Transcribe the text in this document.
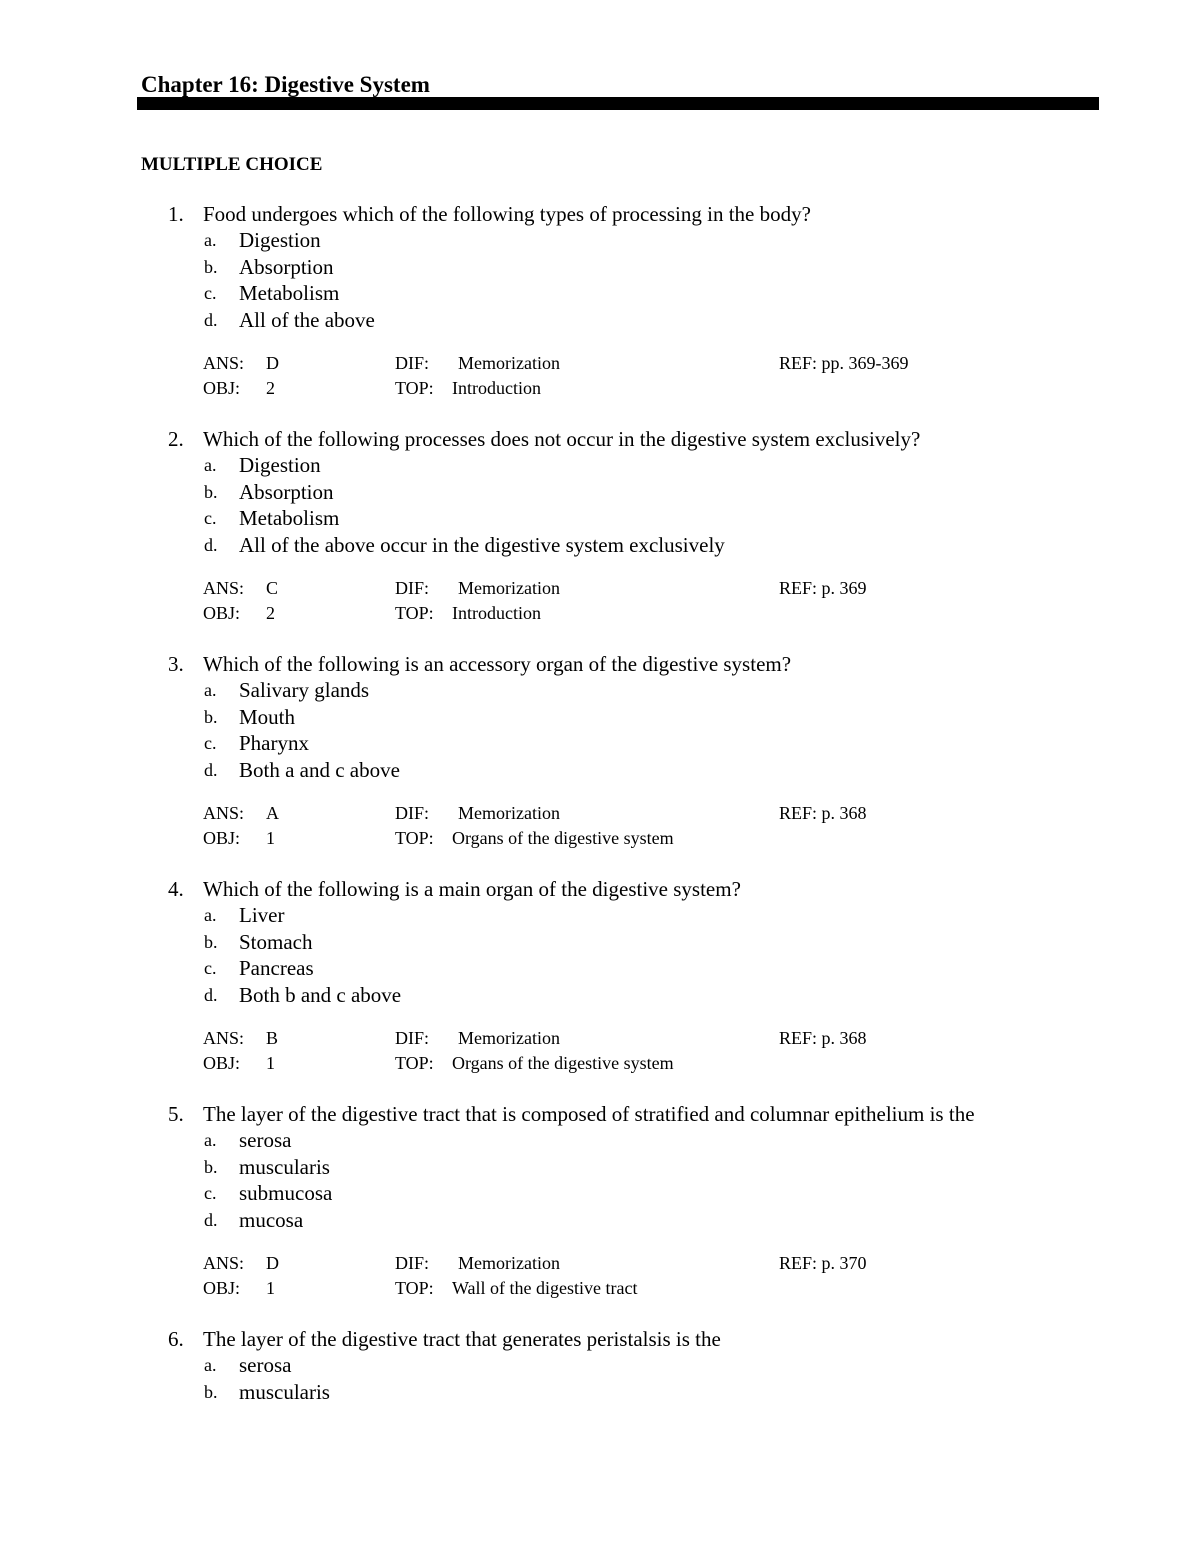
Chapter 16: Digestive System
MULTIPLE CHOICE
1. Food undergoes which of the following types of processing in the body?
a. Digestion
b. Absorption
c. Metabolism
d. All of the above
ANS: D	DIF: Memorization	REF: pp. 369-369
OBJ: 2	TOP: Introduction
2. Which of the following processes does not occur in the digestive system exclusively?
a. Digestion
b. Absorption
c. Metabolism
d. All of the above occur in the digestive system exclusively
ANS: C	DIF: Memorization	REF: p. 369
OBJ: 2	TOP: Introduction
3. Which of the following is an accessory organ of the digestive system?
a. Salivary glands
b. Mouth
c. Pharynx
d. Both a and c above
ANS: A	DIF: Memorization	REF: p. 368
OBJ: 1	TOP: Organs of the digestive system
4. Which of the following is a main organ of the digestive system?
a. Liver
b. Stomach
c. Pancreas
d. Both b and c above
ANS: B	DIF: Memorization	REF: p. 368
OBJ: 1	TOP: Organs of the digestive system
5. The layer of the digestive tract that is composed of stratified and columnar epithelium is the
a. serosa
b. muscularis
c. submucosa
d. mucosa
ANS: D	DIF: Memorization	REF: p. 370
OBJ: 1	TOP: Wall of the digestive tract
6. The layer of the digestive tract that generates peristalsis is the
a. serosa
b. muscularis
